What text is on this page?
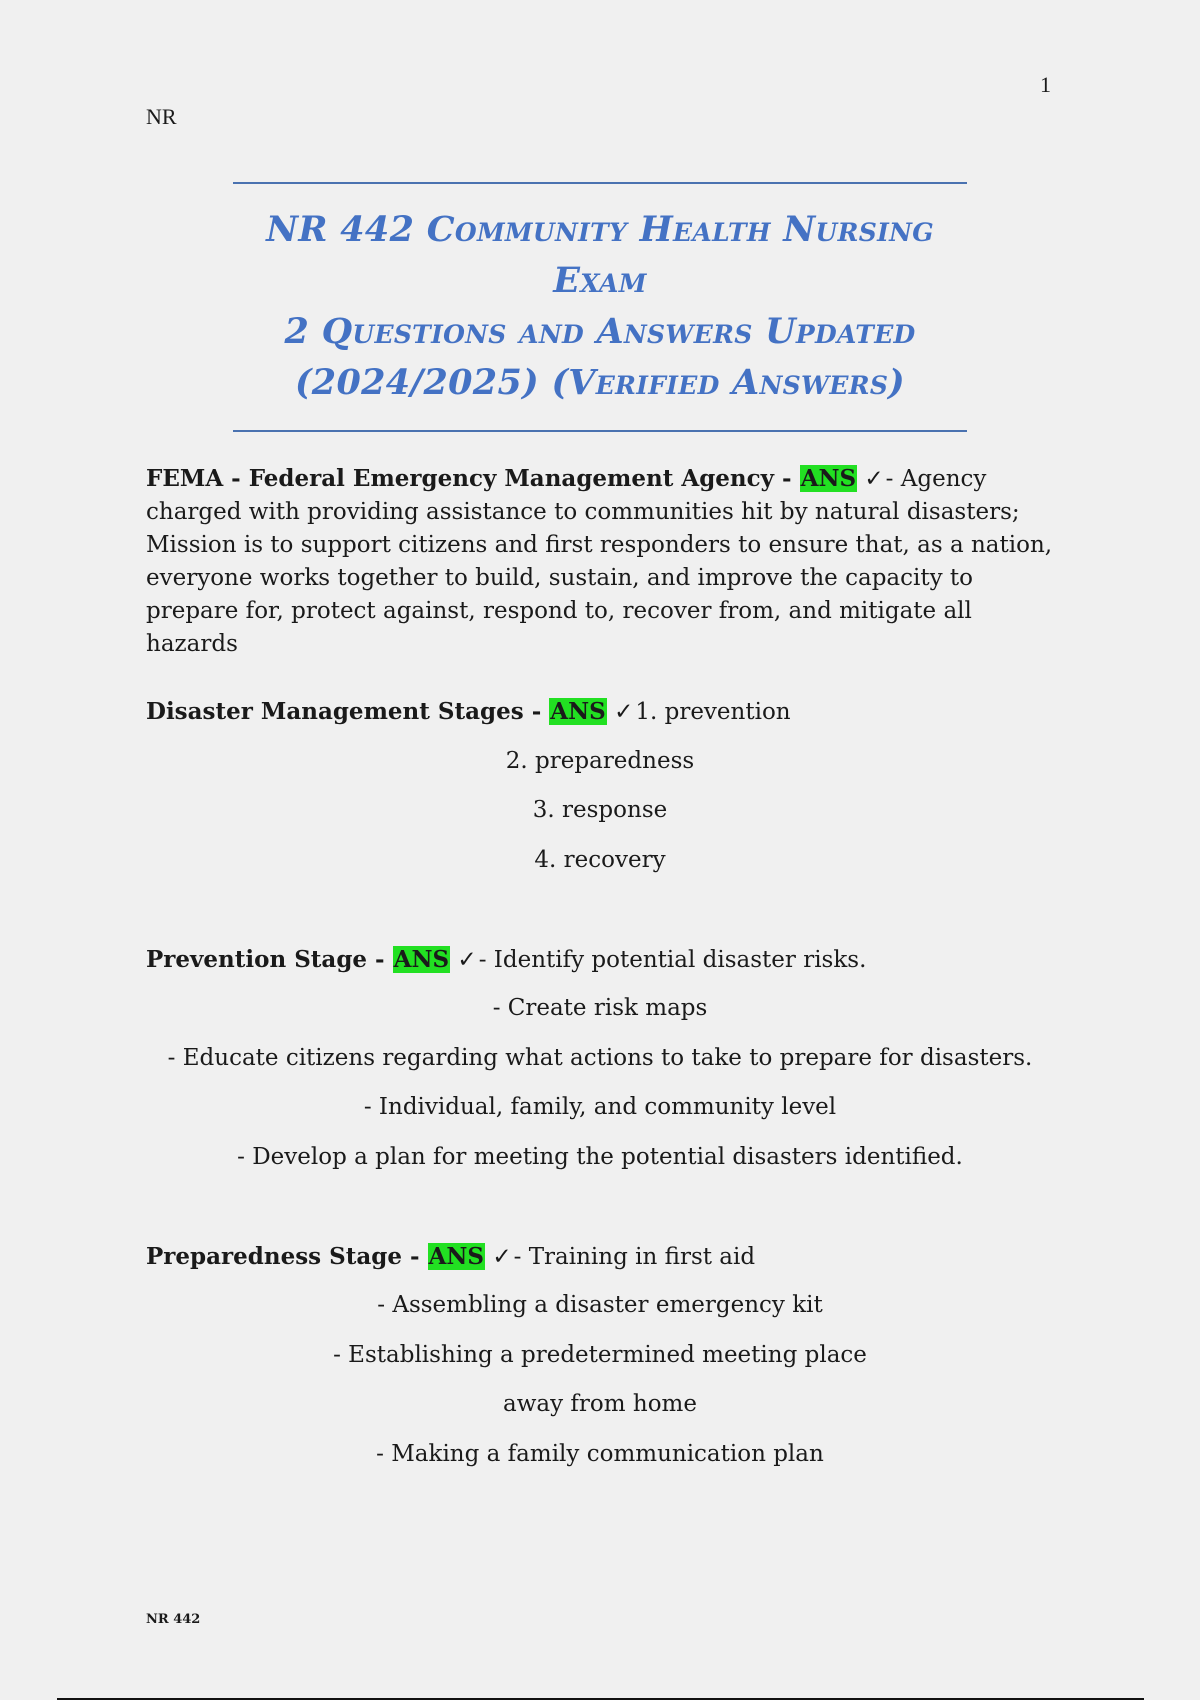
1
NR
NR 442 Community Health Nursing Exam
2 Questions and Answers Updated
(2024/2025) (Verified Answers)
FEMA - Federal Emergency Management Agency - ANS ✓- Agency charged with providing assistance to communities hit by natural disasters; Mission is to support citizens and first responders to ensure that, as a nation, everyone works together to build, sustain, and improve the capacity to prepare for, protect against, respond to, recover from, and mitigate all hazards
Disaster Management Stages - ANS ✓1. prevention
2. preparedness
3. response
4. recovery
Prevention Stage - ANS ✓- Identify potential disaster risks.
- Create risk maps
- Educate citizens regarding what actions to take to prepare for disasters.
- Individual, family, and community level
- Develop a plan for meeting the potential disasters identified.
Preparedness Stage - ANS ✓- Training in first aid
- Assembling a disaster emergency kit
- Establishing a predetermined meeting place
away from home
- Making a family communication plan
NR 442
